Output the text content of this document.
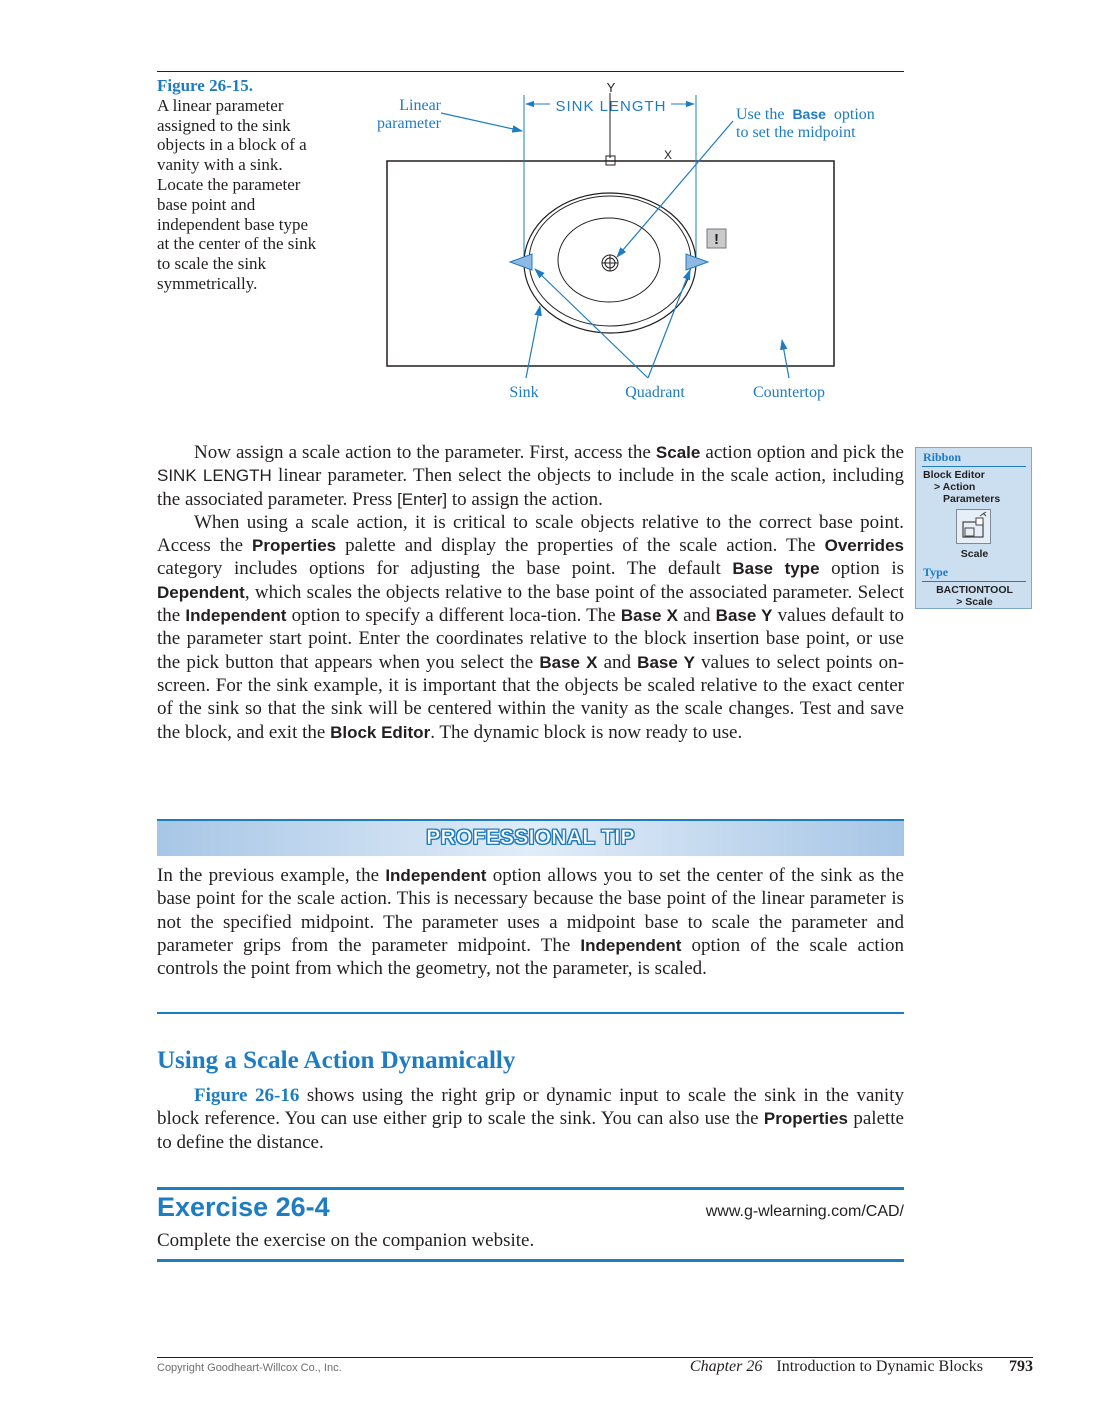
Figure 26-15.
A linear parameter assigned to the sink objects in a block of a vanity with a sink. Locate the parameter base point and independent base type at the center of the sink to scale the sink symmetrically.
SINK LENGTH
Y
X
!
Linear
parameter
Use the Base option
to set the midpoint
Sink	Quadrant	Countertop

Now assign a scale action to the parameter. First, access the Scale action option and pick the SINK LENGTH linear parameter. Then select the objects to include in the scale action, including the associated parameter. Press [Enter] to assign the action.

When using a scale action, it is critical to scale objects relative to the correct base point. Access the Properties palette and display the properties of the scale action. The Overrides category includes options for adjusting the base point. The default Base type option is Dependent, which scales the objects relative to the base point of the associated parameter. Select the Independent option to specify a different loca-tion. The Base X and Base Y values default to the parameter start point. Enter the coordinates relative to the block insertion base point, or use the pick button that appears when you select the Base X and Base Y values to select points on-screen. For the sink example, it is important that the objects be scaled relative to the exact center of the sink so that the sink will be centered within the vanity as the scale changes. Test and save the block, and exit the Block Editor. The dynamic block is now ready to use.

Ribbon
Block Editor
> Action
Parameters
Scale
Type
BACTIONTOOL
> Scale
PROFESSIONAL TIP

In the previous example, the Independent option allows you to set the center of the sink as the base point for the scale action. This is necessary because the base point of the linear parameter is not the specified midpoint. The parameter uses a midpoint base to scale the parameter and parameter grips from the parameter midpoint. The Independent option of the scale action controls the point from which the geometry, not the parameter, is scaled.

Using a Scale Action Dynamically

Figure 26-16 shows using the right grip or dynamic input to scale the sink in the vanity block reference. You can use either grip to scale the sink. You can also use the Properties palette to define the distance.

Exercise 26-4	www.g-wlearning.com/CAD/
Complete the exercise on the companion website.
Copyright Goodheart-Willcox Co., Inc.	Chapter 26 Introduction to Dynamic Blocks 793
